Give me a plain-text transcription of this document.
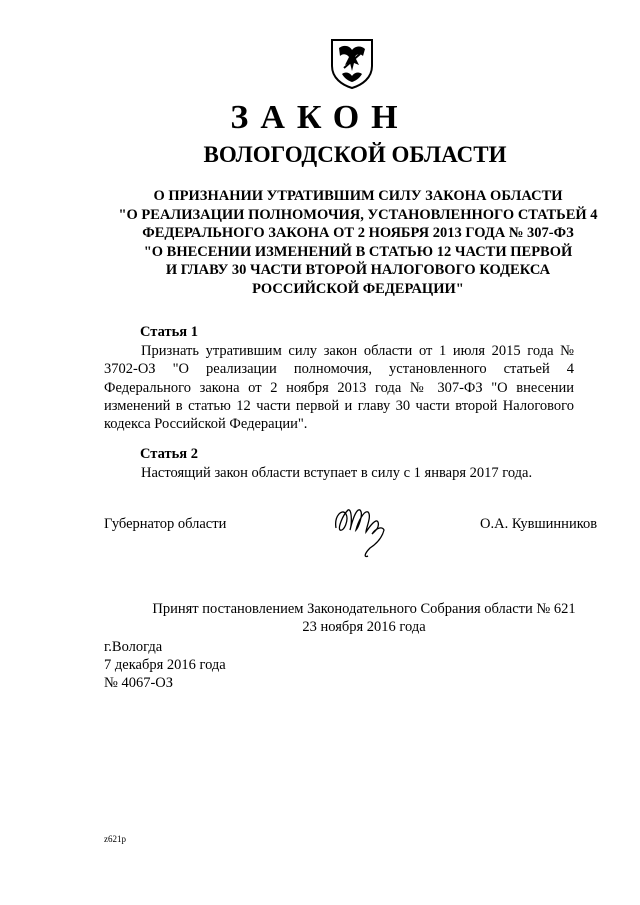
ЗАКОН
ВОЛОГОДСКОЙ ОБЛАСТИ
О ПРИЗНАНИИ УТРАТИВШИМ СИЛУ ЗАКОНА ОБЛАСТИ
"О РЕАЛИЗАЦИИ ПОЛНОМОЧИЯ, УСТАНОВЛЕННОГО СТАТЬЕЙ 4
ФЕДЕРАЛЬНОГО ЗАКОНА ОТ 2 НОЯБРЯ 2013 ГОДА № 307-ФЗ
"О ВНЕСЕНИИ ИЗМЕНЕНИЙ В СТАТЬЮ 12 ЧАСТИ ПЕРВОЙ
И ГЛАВУ 30 ЧАСТИ ВТОРОЙ НАЛОГОВОГО КОДЕКСА
РОССИЙСКОЙ ФЕДЕРАЦИИ"
Статья 1
Признать утратившим силу закон области от 1 июля 2015 года № 3702-ОЗ "О реализации полномочия, установленного статьей 4 Федерального закона от 2 ноября 2013 года № 307-ФЗ "О внесении изменений в статью 12 части первой и главу 30 части второй Налогового кодекса Российской Федерации".
Статья 2
Настоящий закон области вступает в силу с 1 января 2017 года.
Губернатор области	О.А. Кувшинников
Принят постановлением Законодательного Собрания области № 621
23 ноября 2016 года
г.Вологда
7 декабря 2016 года
№ 4067-ОЗ
z621p
